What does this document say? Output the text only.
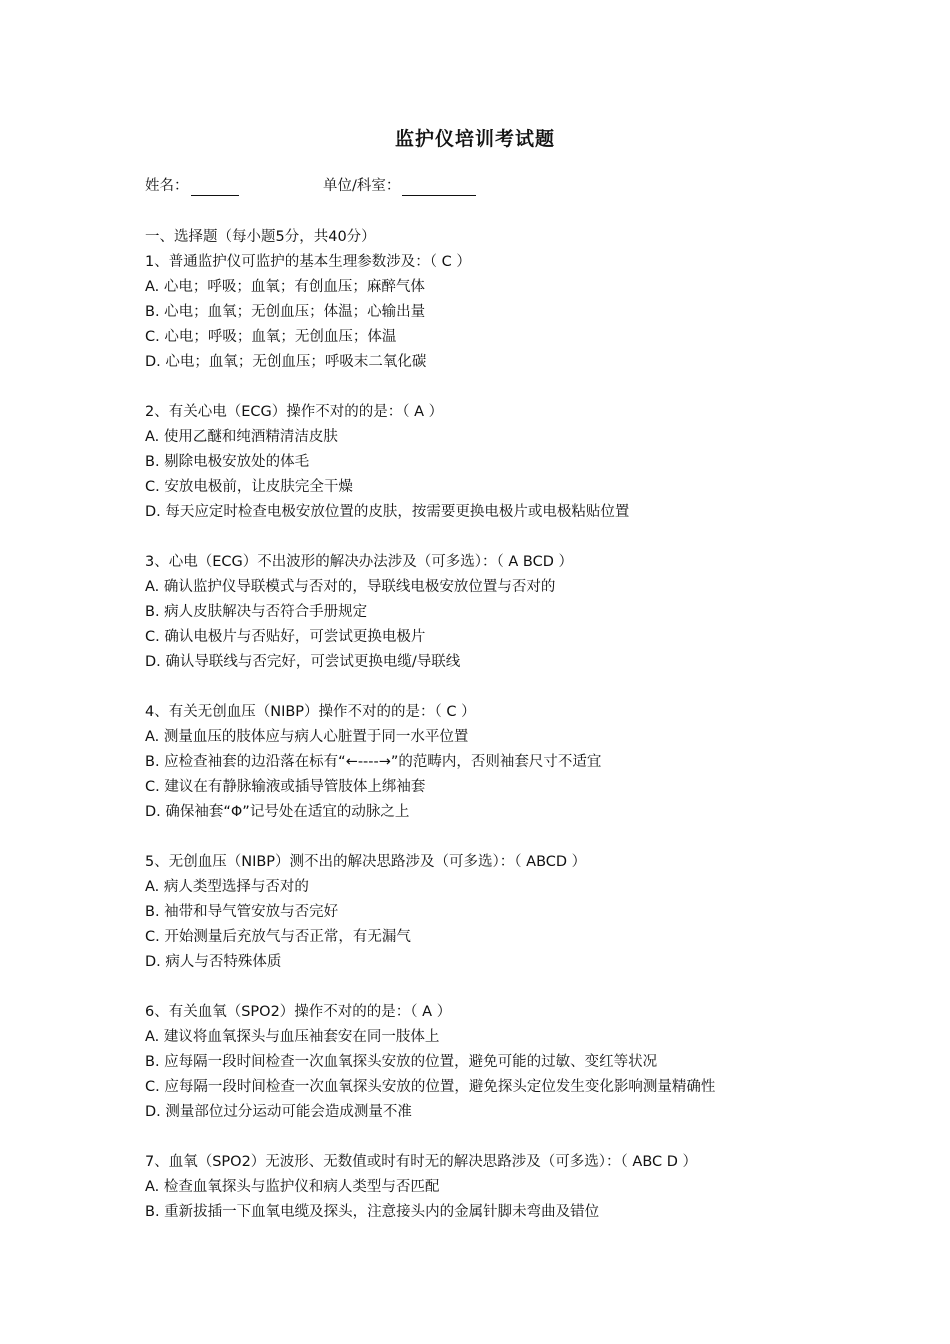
监护仪培训考试题
姓名：	单位/科室：
一、选择题（每小题5分，共40分）
1、普通监护仪可监护的基本生理参数涉及：（ C ）
A. 心电；呼吸；血氧；有创血压；麻醉气体
B. 心电；血氧；无创血压；体温；心输出量
C. 心电；呼吸；血氧；无创血压；体温
D. 心电；血氧；无创血压；呼吸末二氧化碳
2、有关心电（ECG）操作不对的的是：（ A ）
A. 使用乙醚和纯酒精清洁皮肤
B. 剔除电极安放处的体毛
C. 安放电极前，让皮肤完全干燥
D. 每天应定时检查电极安放位置的皮肤，按需要更换电极片或电极粘贴位置
3、心电（ECG）不出波形的解决办法涉及（可多选）：（ A BCD ）
A. 确认监护仪导联模式与否对的，导联线电极安放位置与否对的
B. 病人皮肤解决与否符合手册规定
C. 确认电极片与否贴好，可尝试更换电极片
D. 确认导联线与否完好，可尝试更换电缆/导联线
4、有关无创血压（NIBP）操作不对的的是：（ C ）
A. 测量血压的肢体应与病人心脏置于同一水平位置
B. 应检查袖套的边沿落在标有“←----→”的范畴内，否则袖套尺寸不适宜
C. 建议在有静脉输液或插导管肢体上绑袖套
D. 确保袖套“Φ”记号处在适宜的动脉之上
5、无创血压（NIBP）测不出的解决思路涉及（可多选）：（ ABCD ）
A. 病人类型选择与否对的
B. 袖带和导气管安放与否完好
C. 开始测量后充放气与否正常，有无漏气
D. 病人与否特殊体质
6、有关血氧（SPO2）操作不对的的是：（ A ）
A. 建议将血氧探头与血压袖套安在同一肢体上
B. 应每隔一段时间检查一次血氧探头安放的位置，避免可能的过敏、变红等状况
C. 应每隔一段时间检查一次血氧探头安放的位置，避免探头定位发生变化影响测量精确性
D. 测量部位过分运动可能会造成测量不准
7、血氧（SPO2）无波形、无数值或时有时无的解决思路涉及（可多选）：（ ABC D ）
A. 检查血氧探头与监护仪和病人类型与否匹配
B. 重新拔插一下血氧电缆及探头，注意接头内的金属针脚未弯曲及错位
